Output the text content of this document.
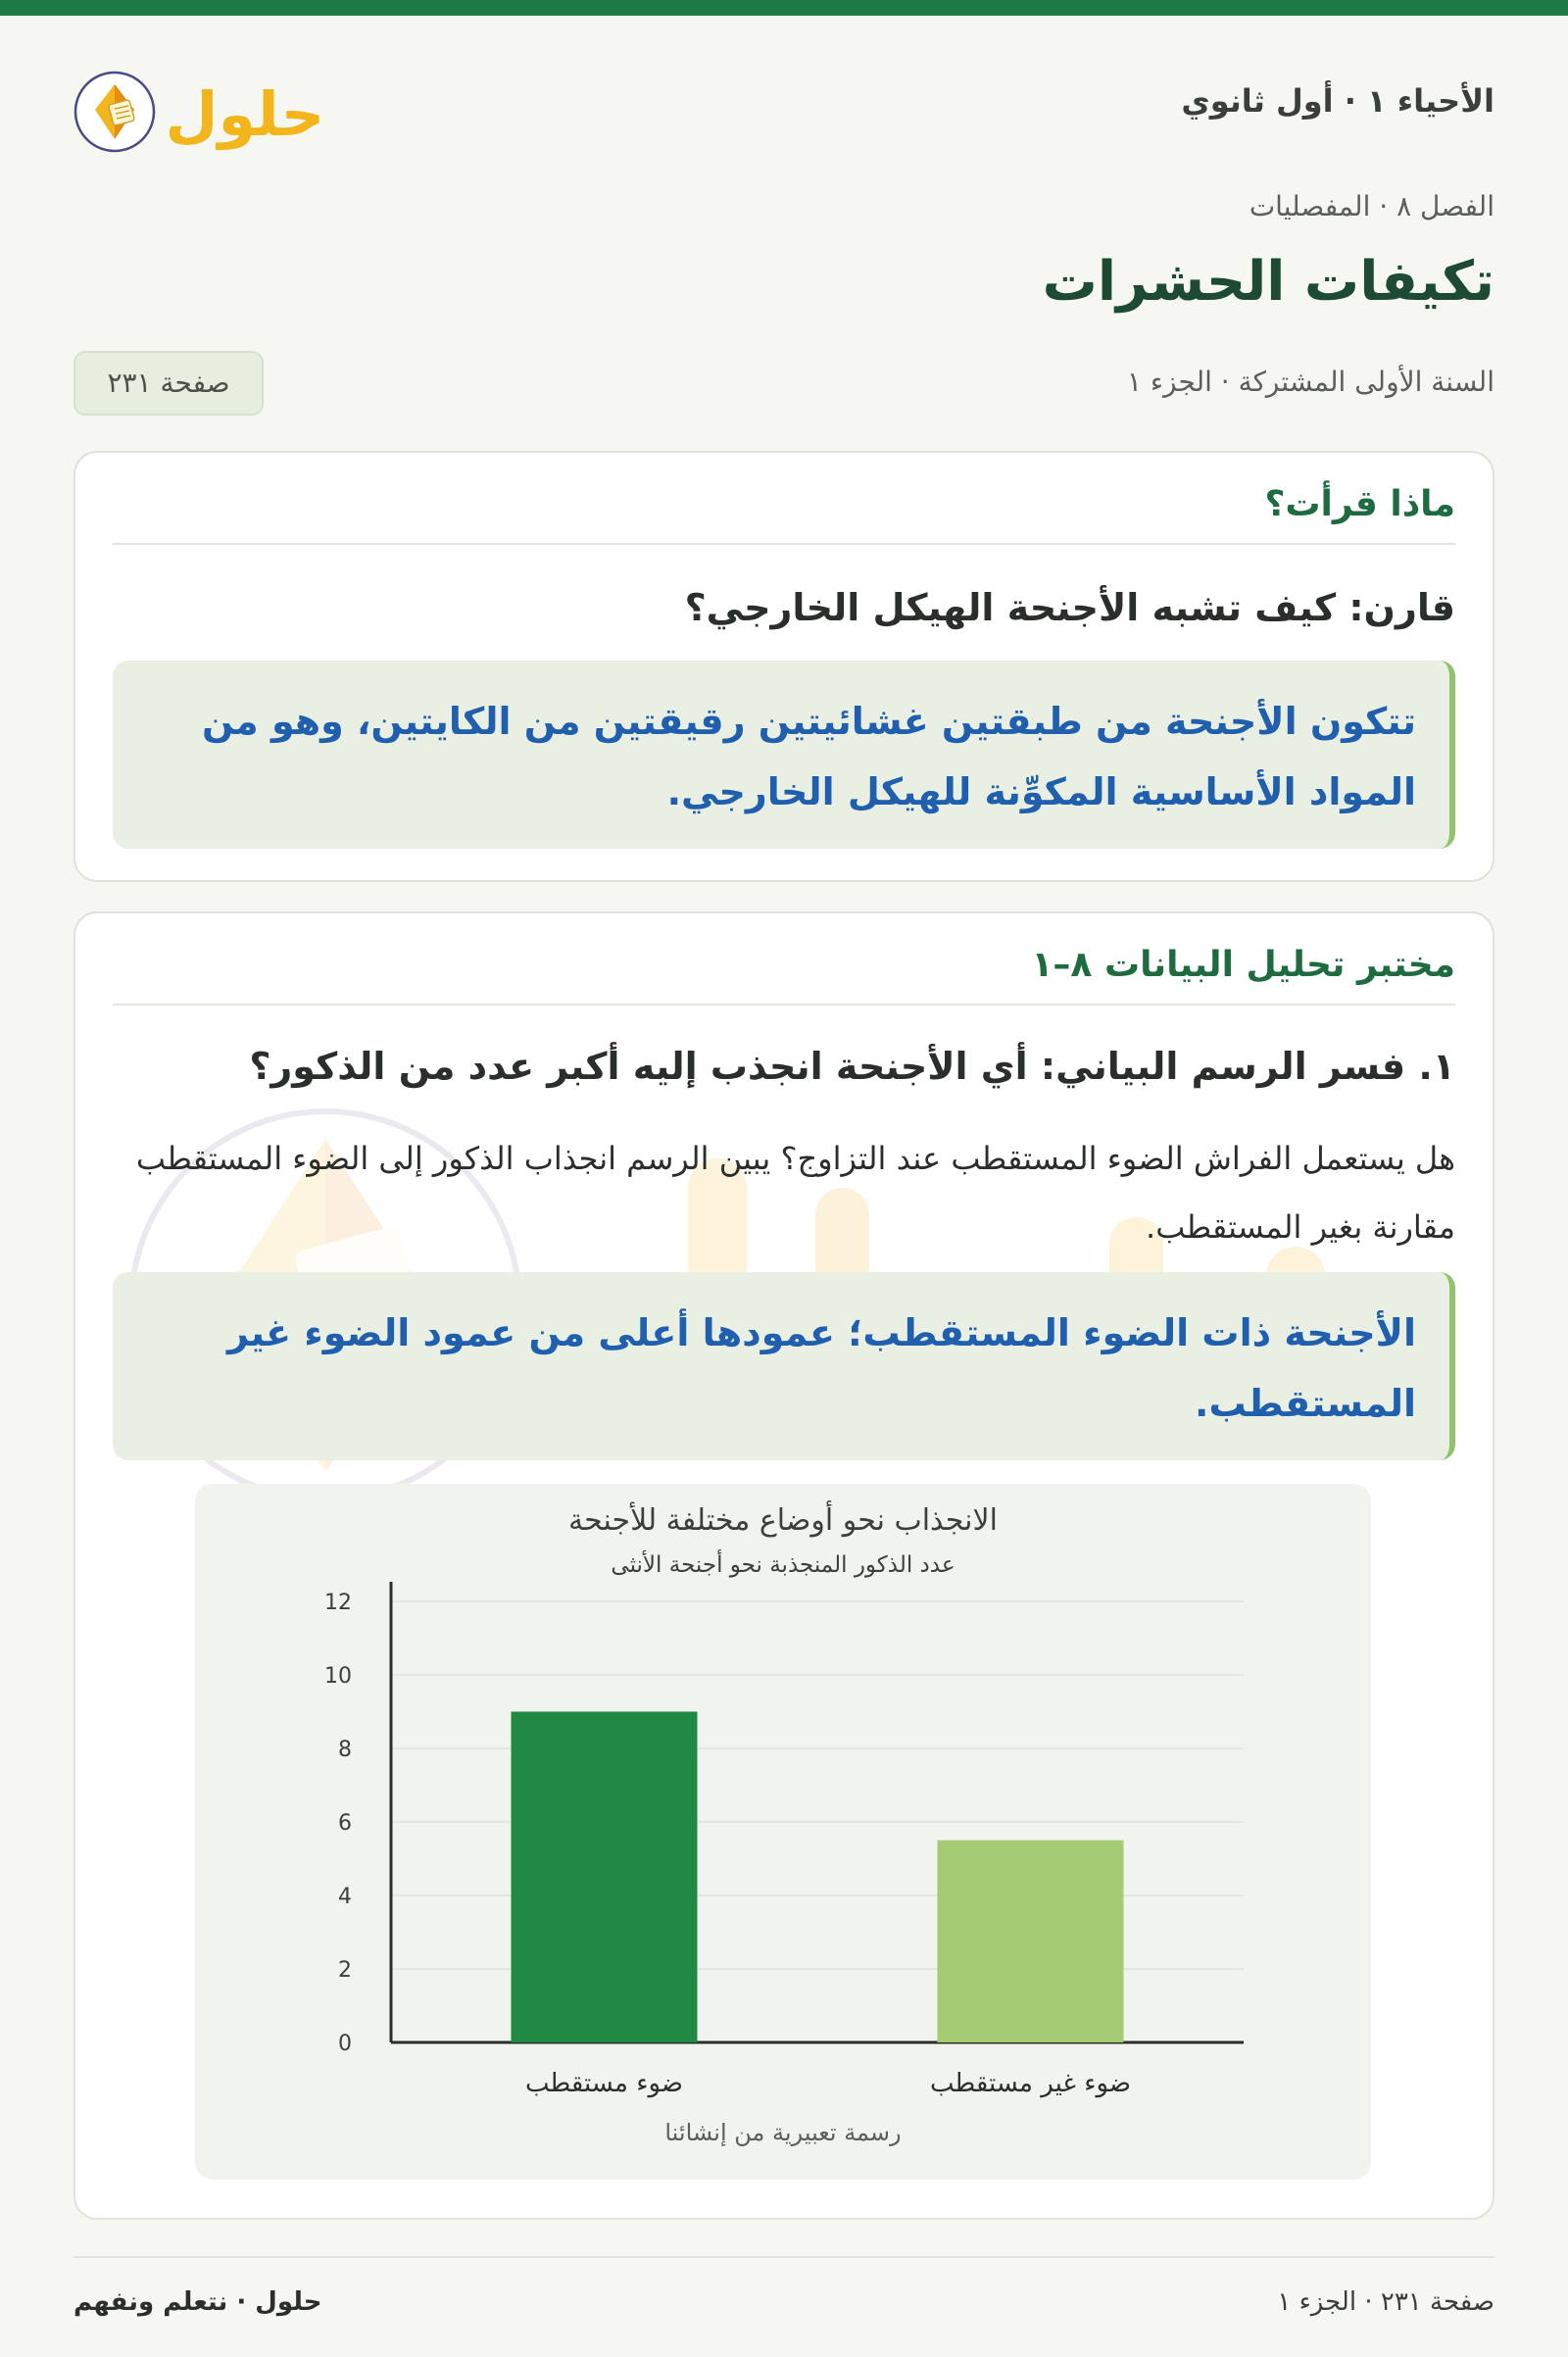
الأحياء ١ · أول ثانوي
حلول
الفصل ٨ · المفصليات
تكيفات الحشرات
السنة الأولى المشتركة · الجزء ١
صفحة ٢٣١
ماذا قرأت؟
قارن: كيف تشبه الأجنحة الهيكل الخارجي؟
تتكون الأجنحة من طبقتين غشائيتين رقيقتين من الكايتين، وهو من المواد الأساسية المكوِّنة للهيكل الخارجي.
مختبر تحليل البيانات ٨–١
١. فسر الرسم البياني: أي الأجنحة انجذب إليه أكبر عدد من الذكور؟
هل يستعمل الفراش الضوء المستقطب عند التزاوج؟ يبين الرسم انجذاب الذكور إلى الضوء المستقطب مقارنة بغير المستقطب.
الأجنحة ذات الضوء المستقطب؛ عمودها أعلى من عمود الضوء غير المستقطب.
الانجذاب نحو أوضاع مختلفة للأجنحة
عدد الذكور المنجذبة نحو أجنحة الأنثى
0
2
4
6
8
10
12
ضوء مستقطب	ضوء غير مستقطب
رسمة تعبيرية من إنشائنا
صفحة ٢٣١ · الجزء ١
حلول · نتعلم ونفهم
